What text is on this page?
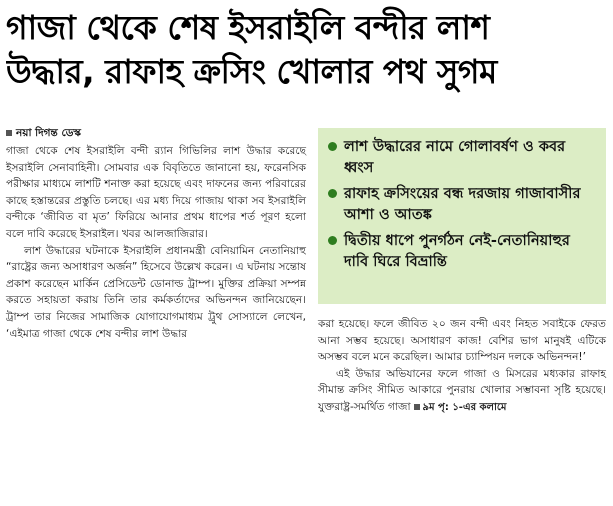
গাজা থেকে শেষ ইসরাইলি বন্দীর লাশ
উদ্ধার, রাফাহ ক্রসিং খোলার পথ সুগম
নয়া দিগন্ত ডেস্ক

গাজা থেকে শেষ ইসরাইলি বন্দী র‌্যান গিভিলির লাশ উদ্ধার করেছে ইসরাইলি সেনাবাহিনী। সোমবার এক বিবৃতিতে জানানো হয়, ফরেনসিক পরীক্ষার মাধ্যমে লাশটি শনাক্ত করা হয়েছে এবং দাফনের জন্য পরিবারের কাছে হস্তান্তরের প্রস্তুতি চলছে। এর মধ্য দিয়ে গাজায় থাকা সব ইসরাইলি বন্দীকে ‘জীবিত বা মৃত’ ফিরিয়ে আনার প্রথম ধাপের শর্ত পূরণ হলো বলে দাবি করেছে ইসরাইল। খবর আলজাজিরার।

লাশ উদ্ধারের ঘটনাকে ইসরাইলি প্রধানমন্ত্রী বেনিয়ামিন নেতানিয়াহু “রাষ্ট্রের জন্য অসাধারণ অর্জন” হিসেবে উল্লেখ করেন। এ ঘটনায় সন্তোষ প্রকাশ করেছেন মার্কিন প্রেসিডেন্ট ডোনাল্ড ট্রাম্প। মুক্তির প্রক্রিয়া সম্পন্ন করতে সহায়তা করায় তিনি তার কর্মকর্তাদের অভিনন্দন জানিয়েছেন। ট্রাম্প তার নিজের সামাজিক যোগাযোগমাধ্যম ট্রুথ সোস্যালে লেখেন, ‘এইমাত্র গাজা থেকে শেষ বন্দীর লাশ উদ্ধার

লাশ উদ্ধারের নামে গোলাবর্ষণ ও কবর ধ্বংস
রাফাহ ক্রসিংয়ের বন্ধ দরজায় গাজাবাসীর আশা ও আতঙ্ক
দ্বিতীয় ধাপে পুনর্গঠন নেই-নেতানিয়াহুর দাবি ঘিরে বিভ্রান্তি

করা হয়েছে। ফলে জীবিত ২০ জন বন্দী এবং নিহত সবাইকে ফেরত আনা সম্ভব হয়েছে। অসাধারণ কাজ! বেশির ভাগ মানুষই এটিকে অসম্ভব বলে মনে করেছিল। আমার চ্যাম্পিয়ন দলকে অভিনন্দন!’

এই উদ্ধার অভিযানের ফলে গাজা ও মিসরের মধ্যকার রাফাহ সীমান্ত ক্রসিং সীমিত আকারে পুনরায় খোলার সম্ভাবনা সৃষ্টি হয়েছে। যুক্তরাষ্ট্র-সমর্থিত গাজা ৯ম পৃ: ১-এর কলামে
